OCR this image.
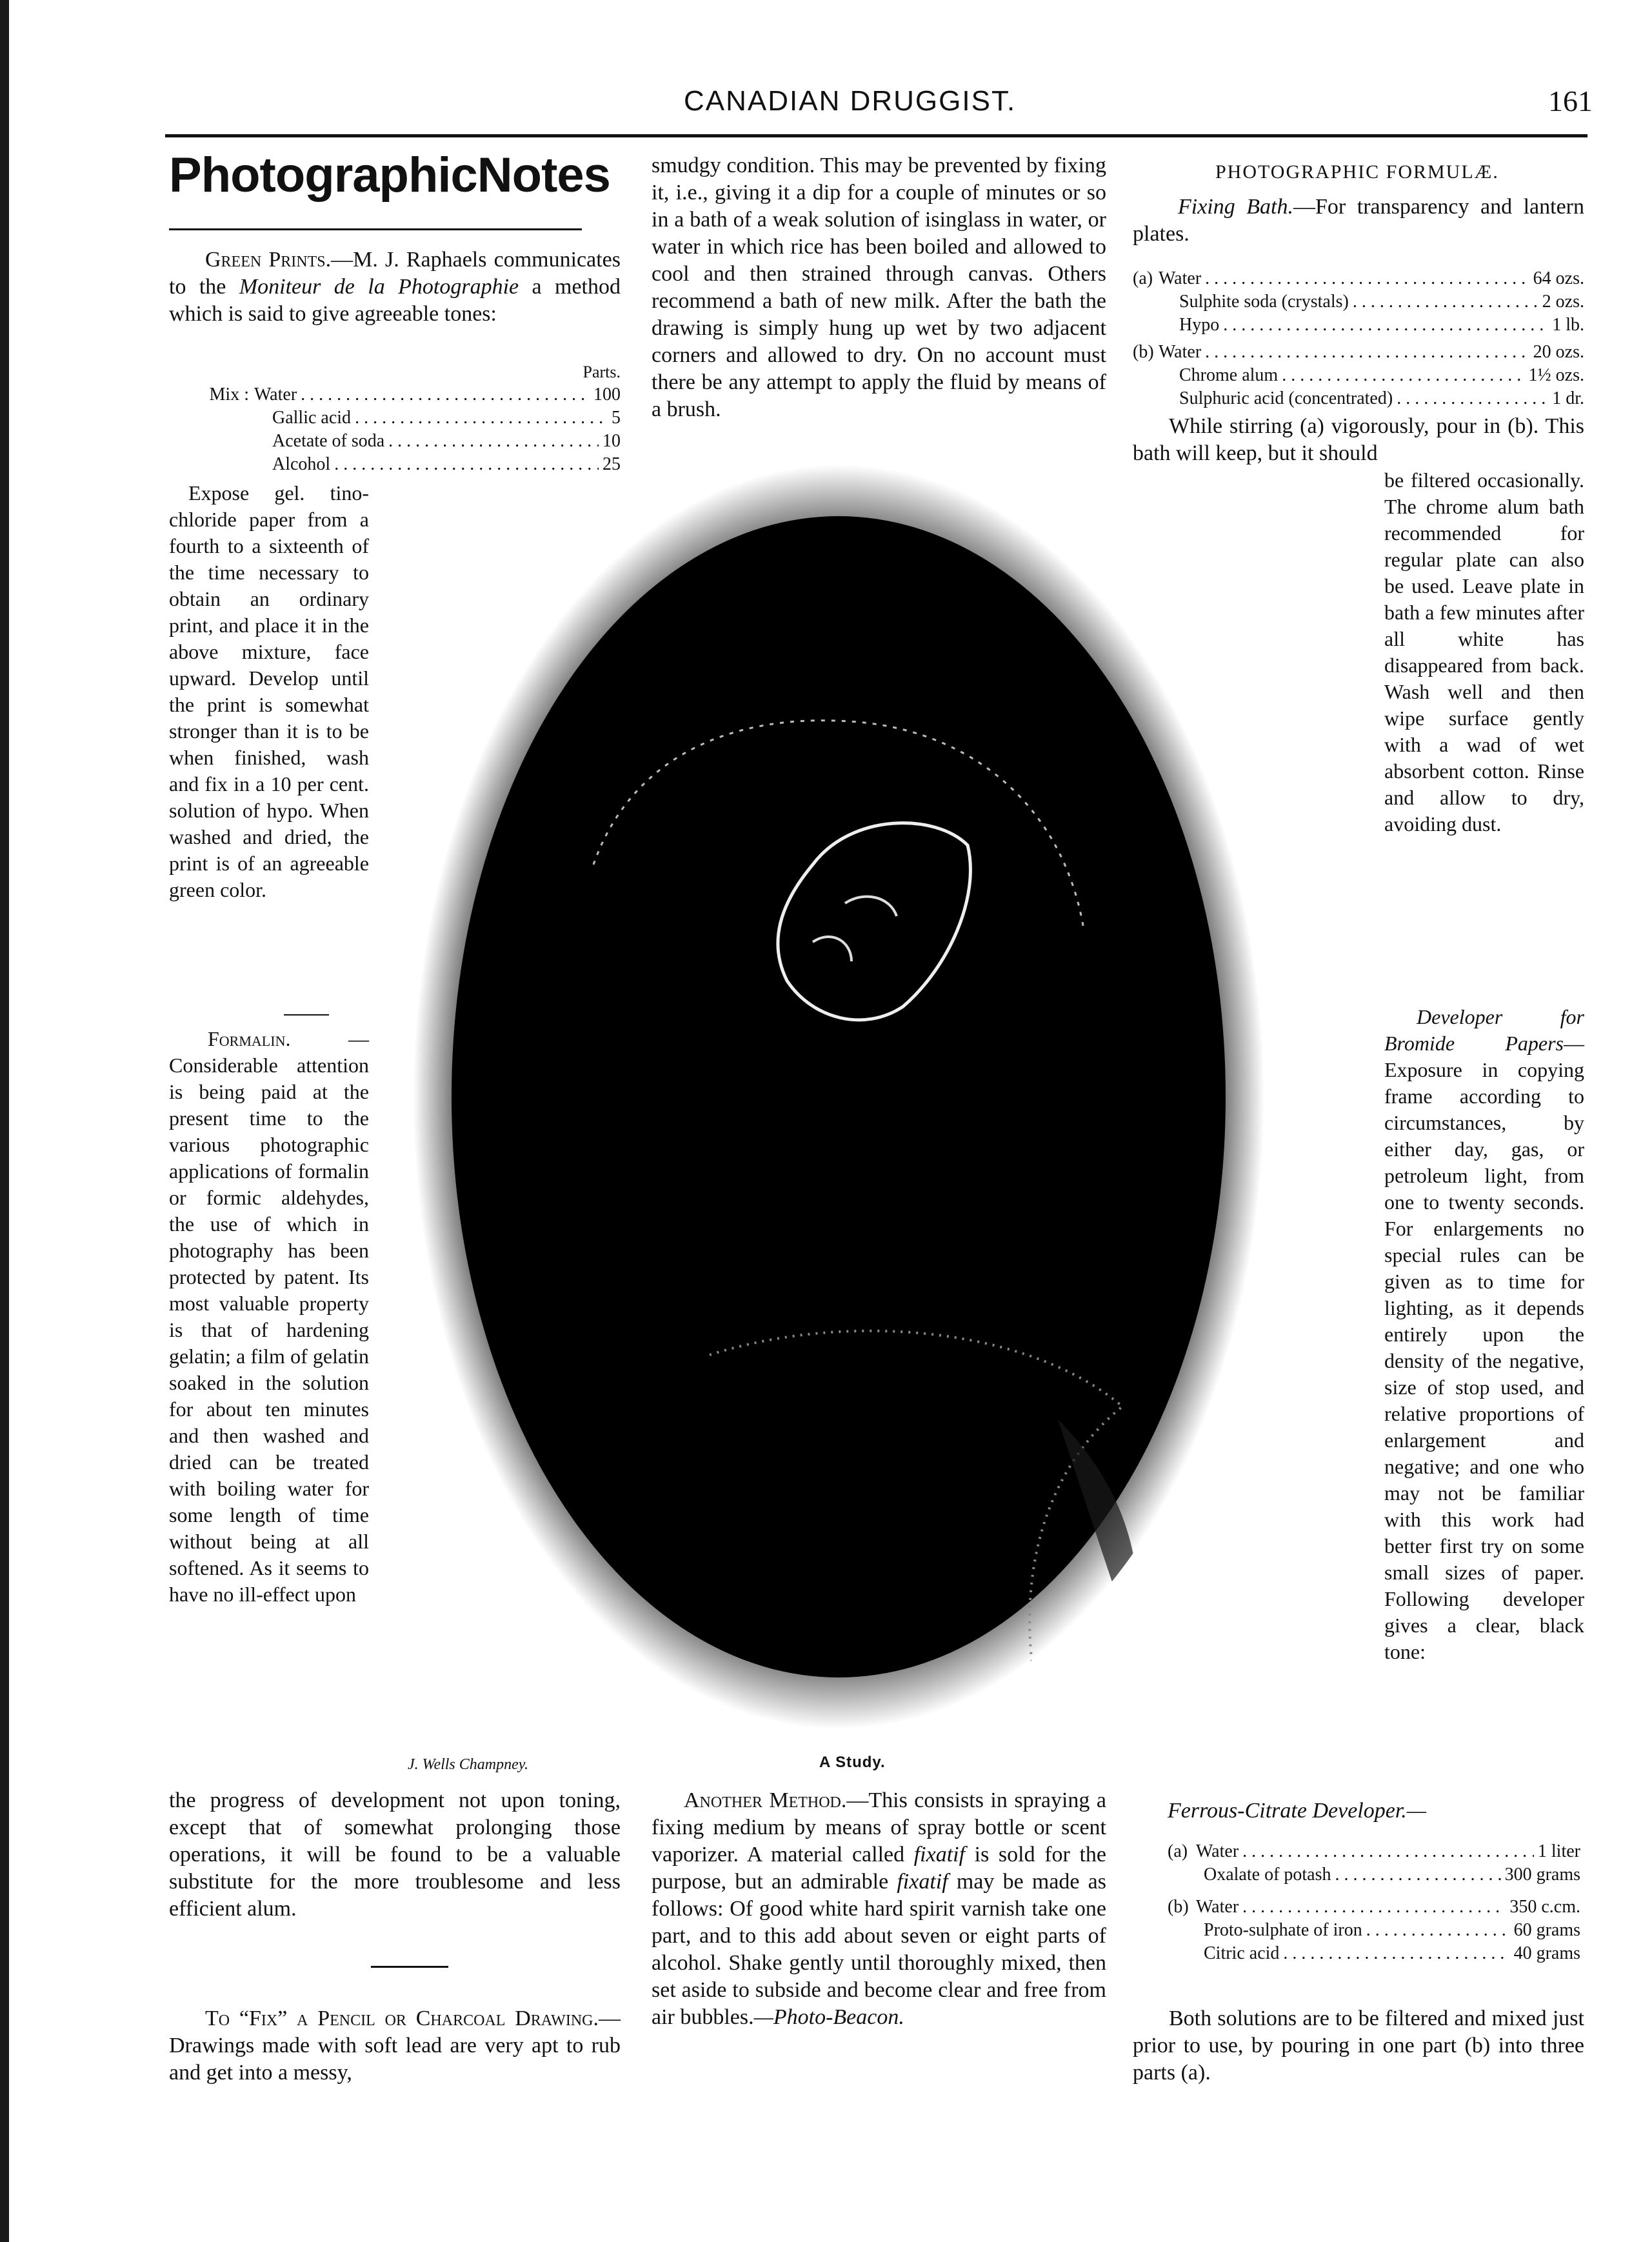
CANADIAN DRUGGIST.	161
PhotographicNotes
Green Prints.—M. J. Raphaels communicates to the Moniteur de la Photographie a method which is said to give agreeable tones:
Parts.
Mix : Water . . .	100
Gallic acid . . .	5
Acetate of soda . . .	10
Alcohol . . .	25
Expose gel. tino-chloride paper from a fourth to a sixteenth of the time necessary to obtain an ordinary print, and place it in the above mixture, face upward. Develop until the print is somewhat stronger than it is to be when finished, wash and fix in a 10 per cent. solution of hypo. When washed and dried, the print is of an agreeable green color.
Formalin. — Considerable attention is being paid at the present time to the various photographic applications of formalin or formic aldehydes, the use of which in photography has been protected by patent. Its most valuable property is that of hardening gelatin; a film of gelatin soaked in the solution for about ten minutes and then washed and dried can be treated with boiling water for some length of time without being at all softened. As it seems to have no ill-effect upon
J. Wells Champney.
the progress of development not upon toning, except that of somewhat prolonging those operations, it will be found to be a valuable substitute for the more troublesome and less efficient alum.
To “Fix” a Pencil or Charcoal Drawing.—Drawings made with soft lead are very apt to rub and get into a messy,
smudgy condition. This may be prevented by fixing it, i.e., giving it a dip for a couple of minutes or so in a bath of a weak solution of isinglass in water, or water in which rice has been boiled and allowed to cool and then strained through canvas. Others recommend a bath of new milk. After the bath the drawing is simply hung up wet by two adjacent corners and allowed to dry. On no account must there be any attempt to apply the fluid by means of a brush.
A Study.
Another Method.—This consists in spraying a fixing medium by means of spray bottle or scent vaporizer. A material called fixatif is sold for the purpose, but an admirable fixatif may be made as follows: Of good white hard spirit varnish take one part, and to this add about seven or eight parts of alcohol. Shake gently until thoroughly mixed, then set aside to subside and become clear and free from air bubbles.—Photo-Beacon.
PHOTOGRAPHIC FORMULÆ.
Fixing Bath.—For transparency and lantern plates.
(a) Water . . .	64 ozs.
Sulphite soda (crystals) . . .	2 ozs.
Hypo . . .	1 lb.
(b) Water . . .	20 ozs.
Chrome alum . . .	1½ ozs.
Sulphuric acid (concentrated) . . .	1 dr.
While stirring (a) vigorously, pour in (b). This bath will keep, but it should
be filtered occasionally. The chrome alum bath recommended for regular plate can also be used. Leave plate in bath a few minutes after all white has disappeared from back. Wash well and then wipe surface gently with a wad of wet absorbent cotton. Rinse and allow to dry, avoiding dust.
Developer for Bromide Papers—Exposure in copying frame according to circumstances, by either day, gas, or petroleum light, from one to twenty seconds. For enlargements no special rules can be given as to time for lighting, as it depends entirely upon the density of the negative, size of stop used, and relative proportions of enlargement and negative; and one who may not be familiar with this work had better first try on some small sizes of paper. Following developer gives a clear, black tone:
Ferrous-Citrate Developer.—
(a) Water . . .	1 liter
Oxalate of potash . . .	300 grams
(b) Water . . .	350 c.cm.
Proto-sulphate of iron . . .	60 grams
Citric acid . . .	40 grams
Both solutions are to be filtered and mixed just prior to use, by pouring in one part (b) into three parts (a).
